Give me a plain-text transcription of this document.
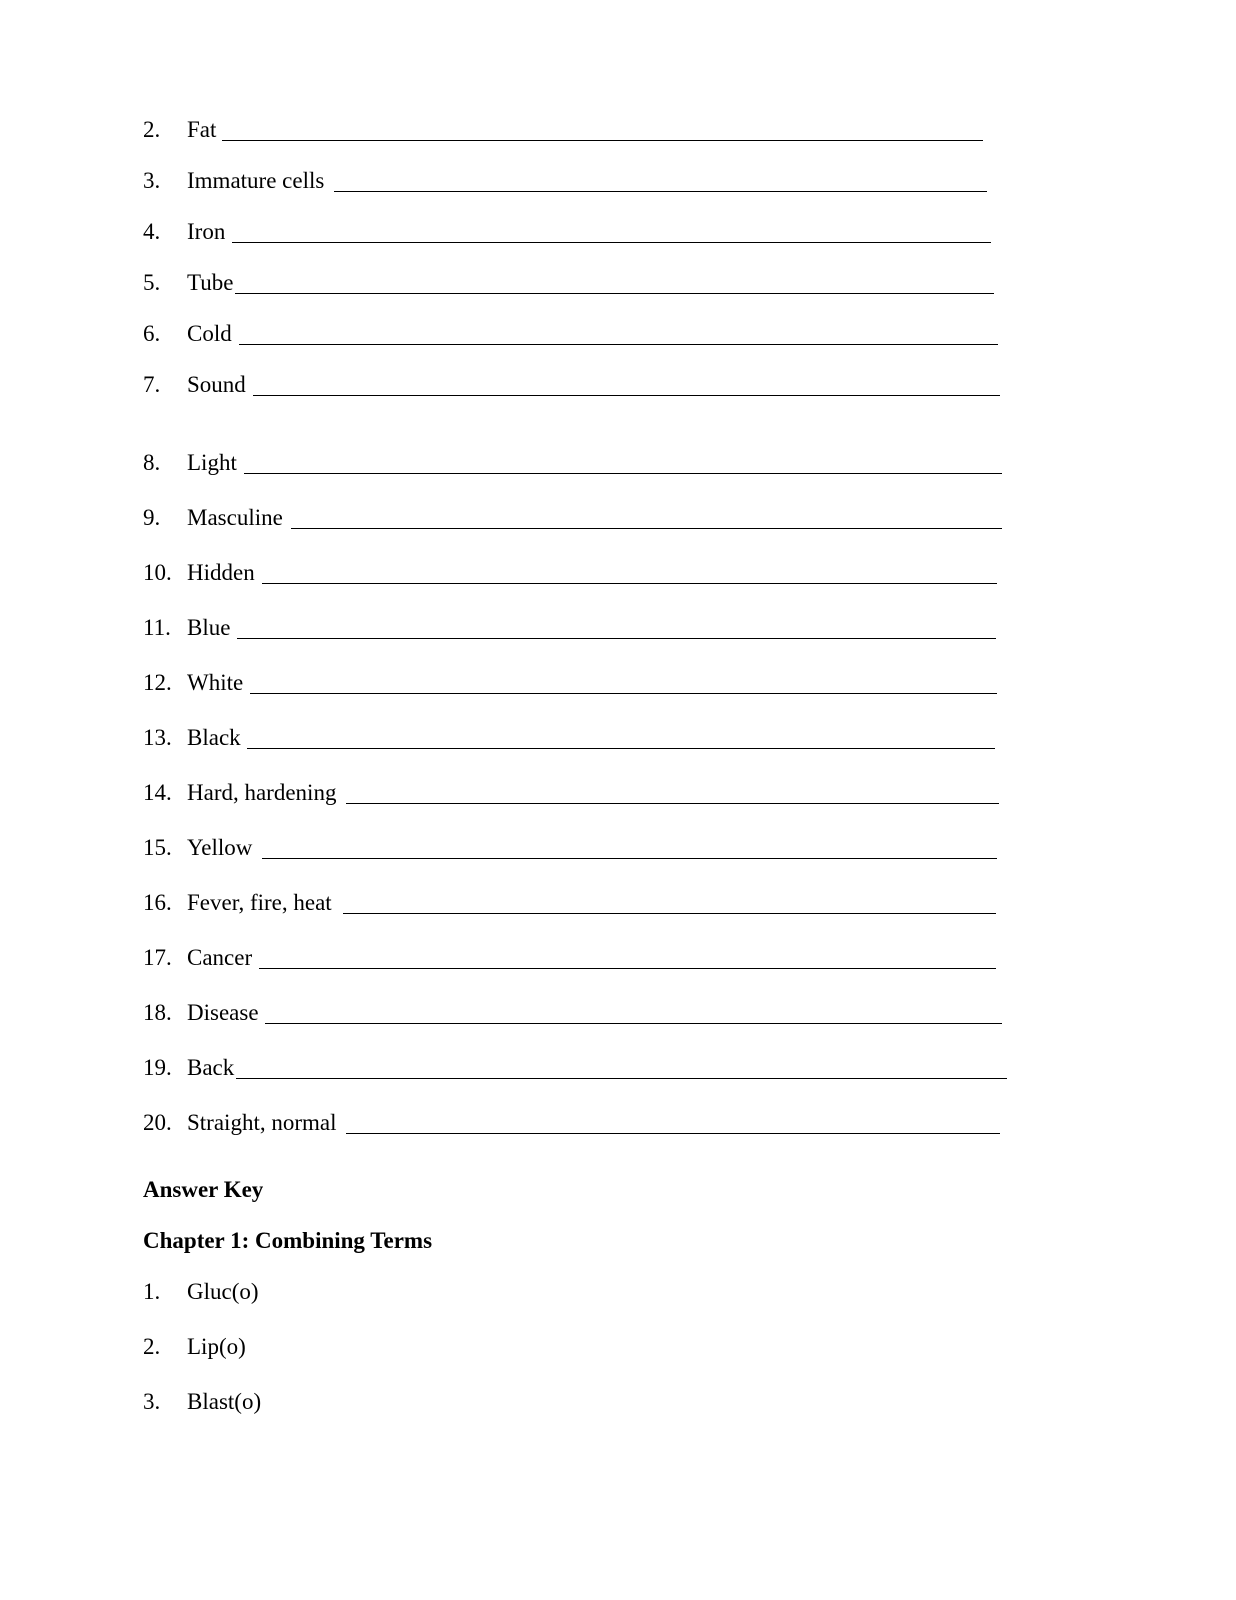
2. Fat
3. Immature cells
4. Iron
5. Tube
6. Cold
7. Sound
8. Light
9. Masculine
10. Hidden
11. Blue
12. White
13. Black
14. Hard, hardening
15. Yellow
16. Fever, fire, heat
17. Cancer
18. Disease
19. Back
20. Straight, normal
Answer Key
Chapter 1: Combining Terms
1. Gluc(o)
2. Lip(o)
3. Blast(o)
